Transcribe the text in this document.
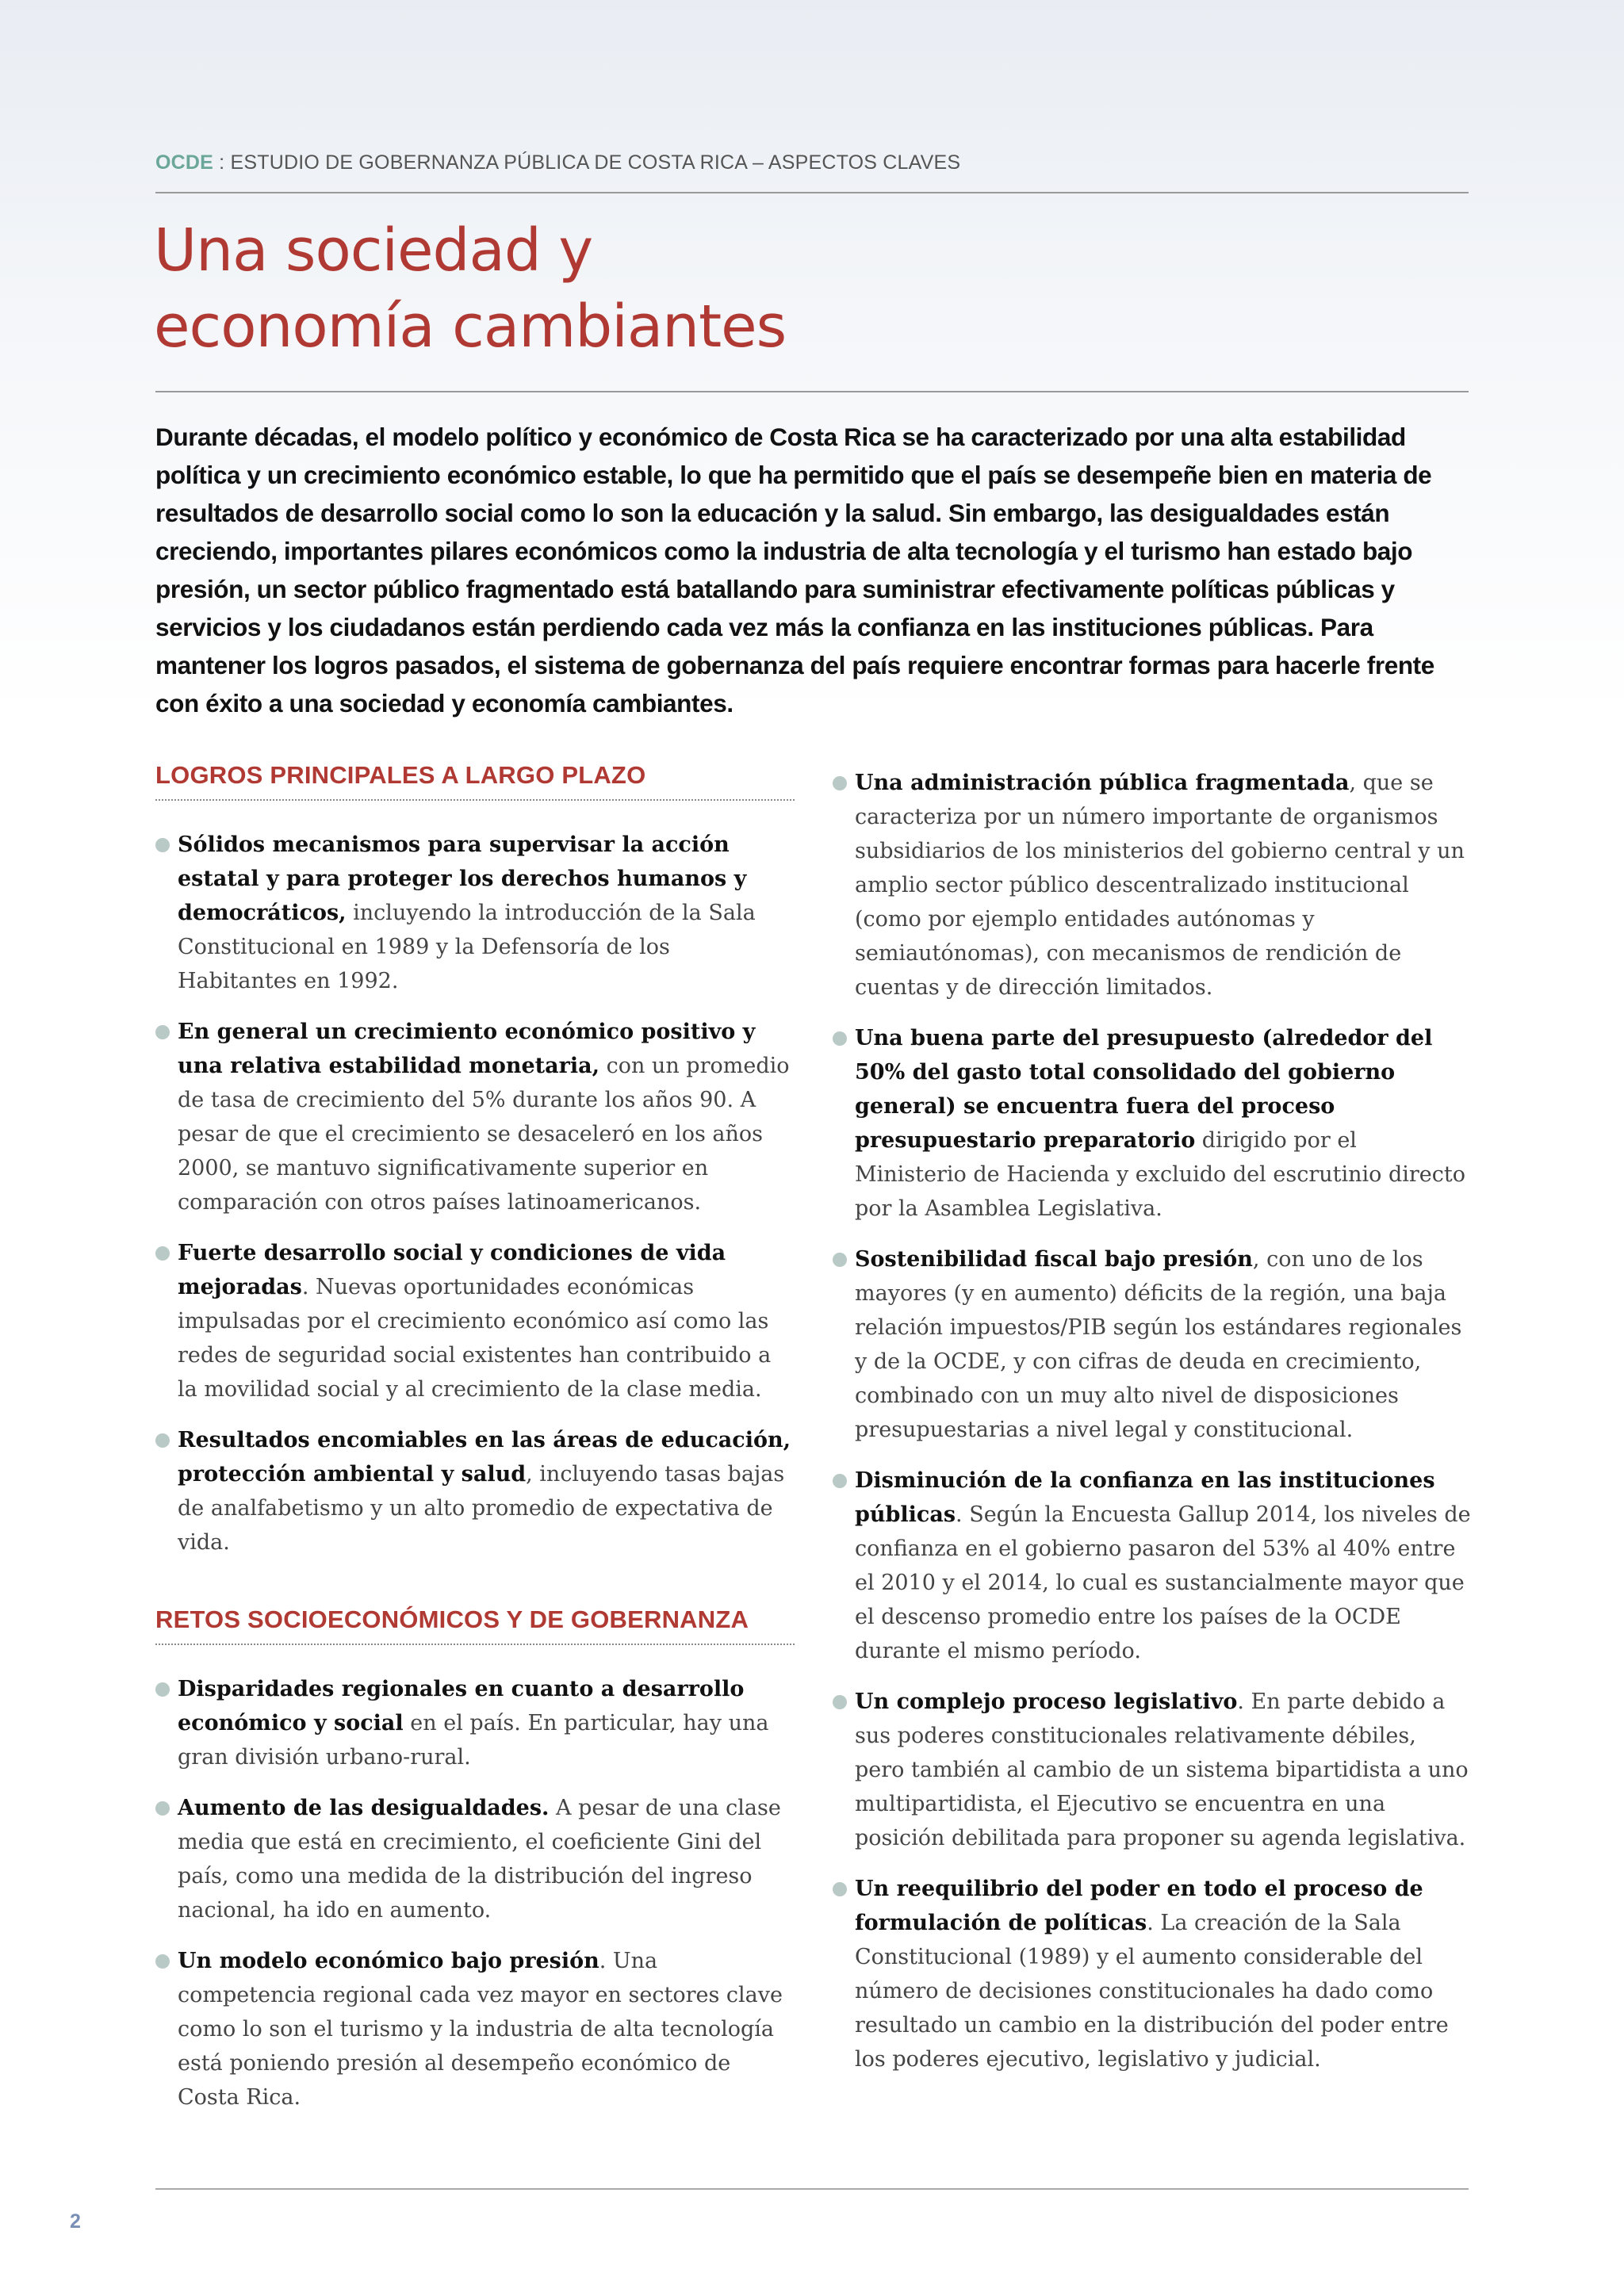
OCDE : ESTUDIO DE GOBERNANZA PÚBLICA DE COSTA RICA – ASPECTOS CLAVES
Una sociedad y
economía cambiantes

Durante décadas, el modelo político y económico de Costa Rica se ha caracterizado por una alta estabilidad política y un crecimiento económico estable, lo que ha permitido que el país se desempeñe bien en materia de resultados de desarrollo social como lo son la educación y la salud. Sin embargo, las desigualdades están creciendo, importantes pilares económicos como la industria de alta tecnología y el turismo han estado bajo presión, un sector público fragmentado está batallando para suministrar efectivamente políticas públicas y servicios y los ciudadanos están perdiendo cada vez más la confianza en las instituciones públicas. Para mantener los logros pasados, el sistema de gobernanza del país requiere encontrar formas para hacerle frente con éxito a una sociedad y economía cambiantes.

LOGROS PRINCIPALES A LARGO PLAZO
Sólidos mecanismos para supervisar la acción estatal y para proteger los derechos humanos y democráticos, incluyendo la introducción de la Sala Constitucional en 1989 y la Defensoría de los Habitantes en 1992.
En general un crecimiento económico positivo y una relativa estabilidad monetaria, con un promedio de tasa de crecimiento del 5% durante los años 90. A pesar de que el crecimiento se desaceleró en los años 2000, se mantuvo significativamente superior en comparación con otros países latinoamericanos.
Fuerte desarrollo social y condiciones de vida mejoradas. Nuevas oportunidades económicas impulsadas por el crecimiento económico así como las redes de seguridad social existentes han contribuido a la movilidad social y al crecimiento de la clase media.
Resultados encomiables en las áreas de educación, protección ambiental y salud, incluyendo tasas bajas de analfabetismo y un alto promedio de expectativa de vida.
RETOS SOCIOECONÓMICOS Y DE GOBERNANZA
Disparidades regionales en cuanto a desarrollo económico y social en el país. En particular, hay una gran división urbano-rural.
Aumento de las desigualdades. A pesar de una clase media que está en crecimiento, el coeficiente Gini del país, como una medida de la distribución del ingreso nacional, ha ido en aumento.
Un modelo económico bajo presión. Una competencia regional cada vez mayor en sectores clave como lo son el turismo y la industria de alta tecnología está poniendo presión al desempeño económico de Costa Rica.
Una administración pública fragmentada, que se caracteriza por un número importante de organismos subsidiarios de los ministerios del gobierno central y un amplio sector público descentralizado institucional (como por ejemplo entidades autónomas y semiautónomas), con mecanismos de rendición de cuentas y de dirección limitados.
Una buena parte del presupuesto (alrededor del 50% del gasto total consolidado del gobierno general) se encuentra fuera del proceso presupuestario preparatorio dirigido por el Ministerio de Hacienda y excluido del escrutinio directo por la Asamblea Legislativa.
Sostenibilidad fiscal bajo presión, con uno de los mayores (y en aumento) déficits de la región, una baja relación impuestos/PIB según los estándares regionales y de la OCDE, y con cifras de deuda en crecimiento, combinado con un muy alto nivel de disposiciones presupuestarias a nivel legal y constitucional.
Disminución de la confianza en las instituciones públicas. Según la Encuesta Gallup 2014, los niveles de confianza en el gobierno pasaron del 53% al 40% entre el 2010 y el 2014, lo cual es sustancialmente mayor que el descenso promedio entre los países de la OCDE durante el mismo período.
Un complejo proceso legislativo. En parte debido a sus poderes constitucionales relativamente débiles, pero también al cambio de un sistema bipartidista a uno multipartidista, el Ejecutivo se encuentra en una posición debilitada para proponer su agenda legislativa.
Un reequilibrio del poder en todo el proceso de formulación de políticas. La creación de la Sala Constitucional (1989) y el aumento considerable del número de decisiones constitucionales ha dado como resultado un cambio en la distribución del poder entre los poderes ejecutivo, legislativo y judicial.
2
